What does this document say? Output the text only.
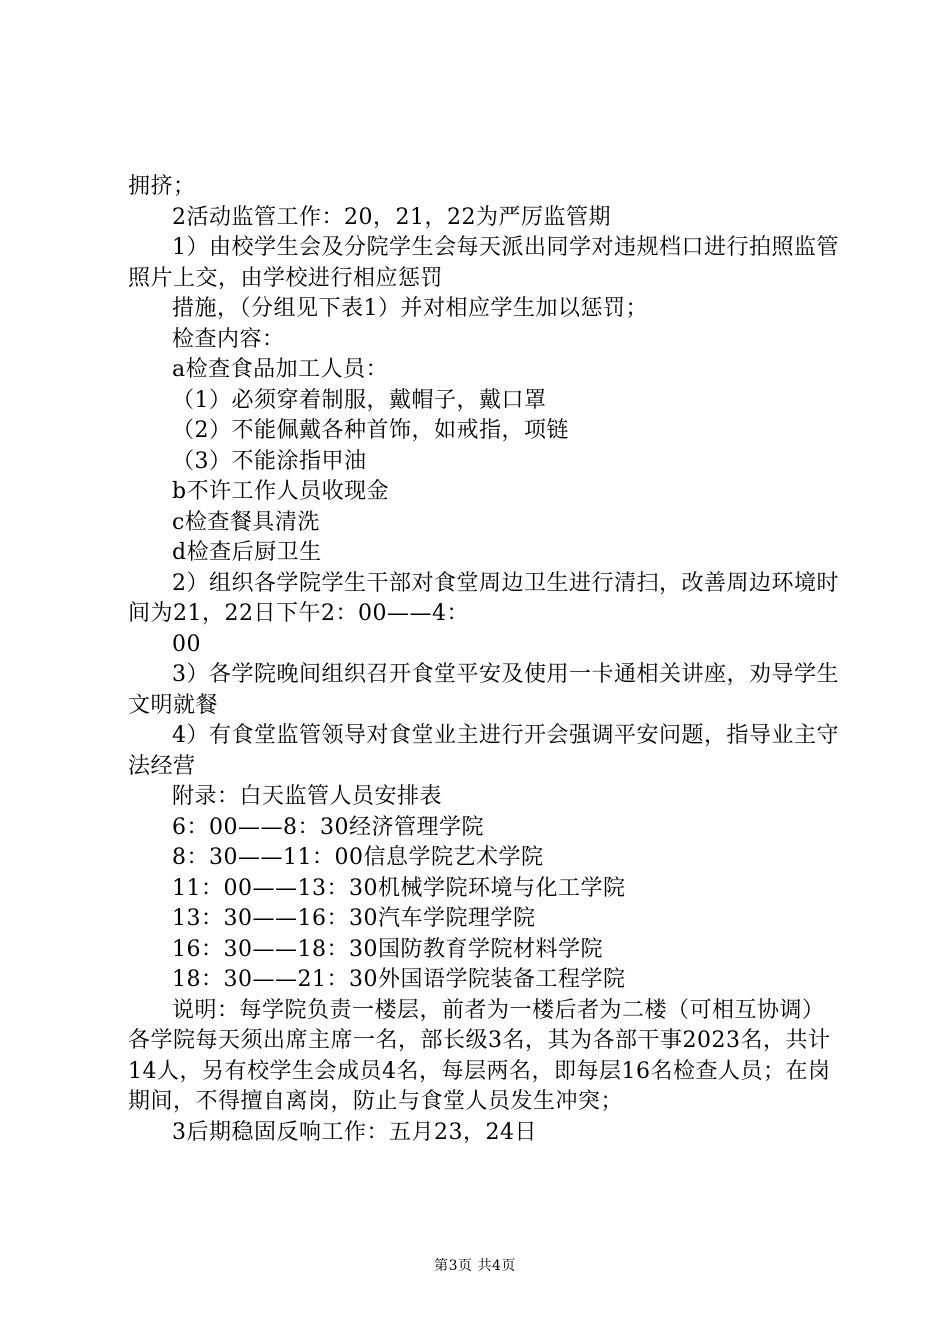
拥挤；

2活动监管工作：20，21，22为严厉监管期

1）由校学生会及分院学生会每天派出同学对违规档口进行拍照监管照片上交，由学校进行相应惩罚

措施，（分组见下表1）并对相应学生加以惩罚；

检查内容：

a检查食品加工人员：

（1）必须穿着制服，戴帽子，戴口罩

（2）不能佩戴各种首饰，如戒指，项链

（3）不能涂指甲油

b不许工作人员收现金

c检查餐具清洗

d检查后厨卫生

2）组织各学院学生干部对食堂周边卫生进行清扫，改善周边环境时间为21，22日下午2：00——4：

00

3）各学院晚间组织召开食堂平安及使用一卡通相关讲座，劝导学生文明就餐

4）有食堂监管领导对食堂业主进行开会强调平安问题，指导业主守法经营

附录：白天监管人员安排表

6：00——8：30经济管理学院

8：30——11：00信息学院艺术学院

11：00——13：30机械学院环境与化工学院

13：30——16：30汽车学院理学院

16：30——18：30国防教育学院材料学院

18：30——21：30外国语学院装备工程学院

说明：每学院负责一楼层，前者为一楼后者为二楼（可相互协调）各学院每天须出席主席一名，部长级3名，其为各部干事2023名，共计14人，另有校学生会成员4名，每层两名，即每层16名检查人员；在岗期间，不得擅自离岗，防止与食堂人员发生冲突；

3后期稳固反响工作：五月23，24日

第3页 共4页
